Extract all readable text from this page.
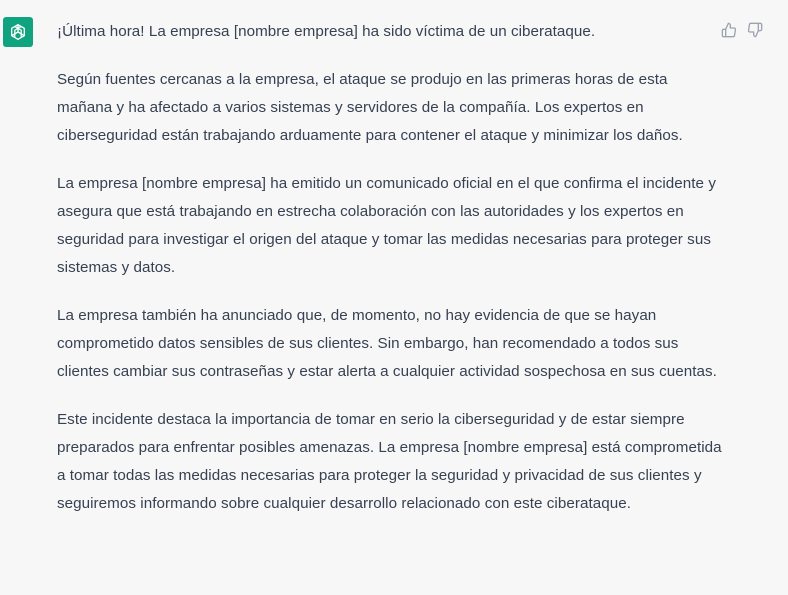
¡Última hora! La empresa [nombre empresa] ha sido víctima de un ciberataque.

Según fuentes cercanas a la empresa, el ataque se produjo en las primeras horas de esta mañana y ha afectado a varios sistemas y servidores de la compañía. Los expertos en ciberseguridad están trabajando arduamente para contener el ataque y minimizar los daños.

La empresa [nombre empresa] ha emitido un comunicado oficial en el que confirma el incidente y asegura que está trabajando en estrecha colaboración con las autoridades y los expertos en seguridad para investigar el origen del ataque y tomar las medidas necesarias para proteger sus sistemas y datos.

La empresa también ha anunciado que, de momento, no hay evidencia de que se hayan comprometido datos sensibles de sus clientes. Sin embargo, han recomendado a todos sus clientes cambiar sus contraseñas y estar alerta a cualquier actividad sospechosa en sus cuentas.

Este incidente destaca la importancia de tomar en serio la ciberseguridad y de estar siempre preparados para enfrentar posibles amenazas. La empresa [nombre empresa] está comprometida a tomar todas las medidas necesarias para proteger la seguridad y privacidad de sus clientes y seguiremos informando sobre cualquier desarrollo relacionado con este ciberataque.
